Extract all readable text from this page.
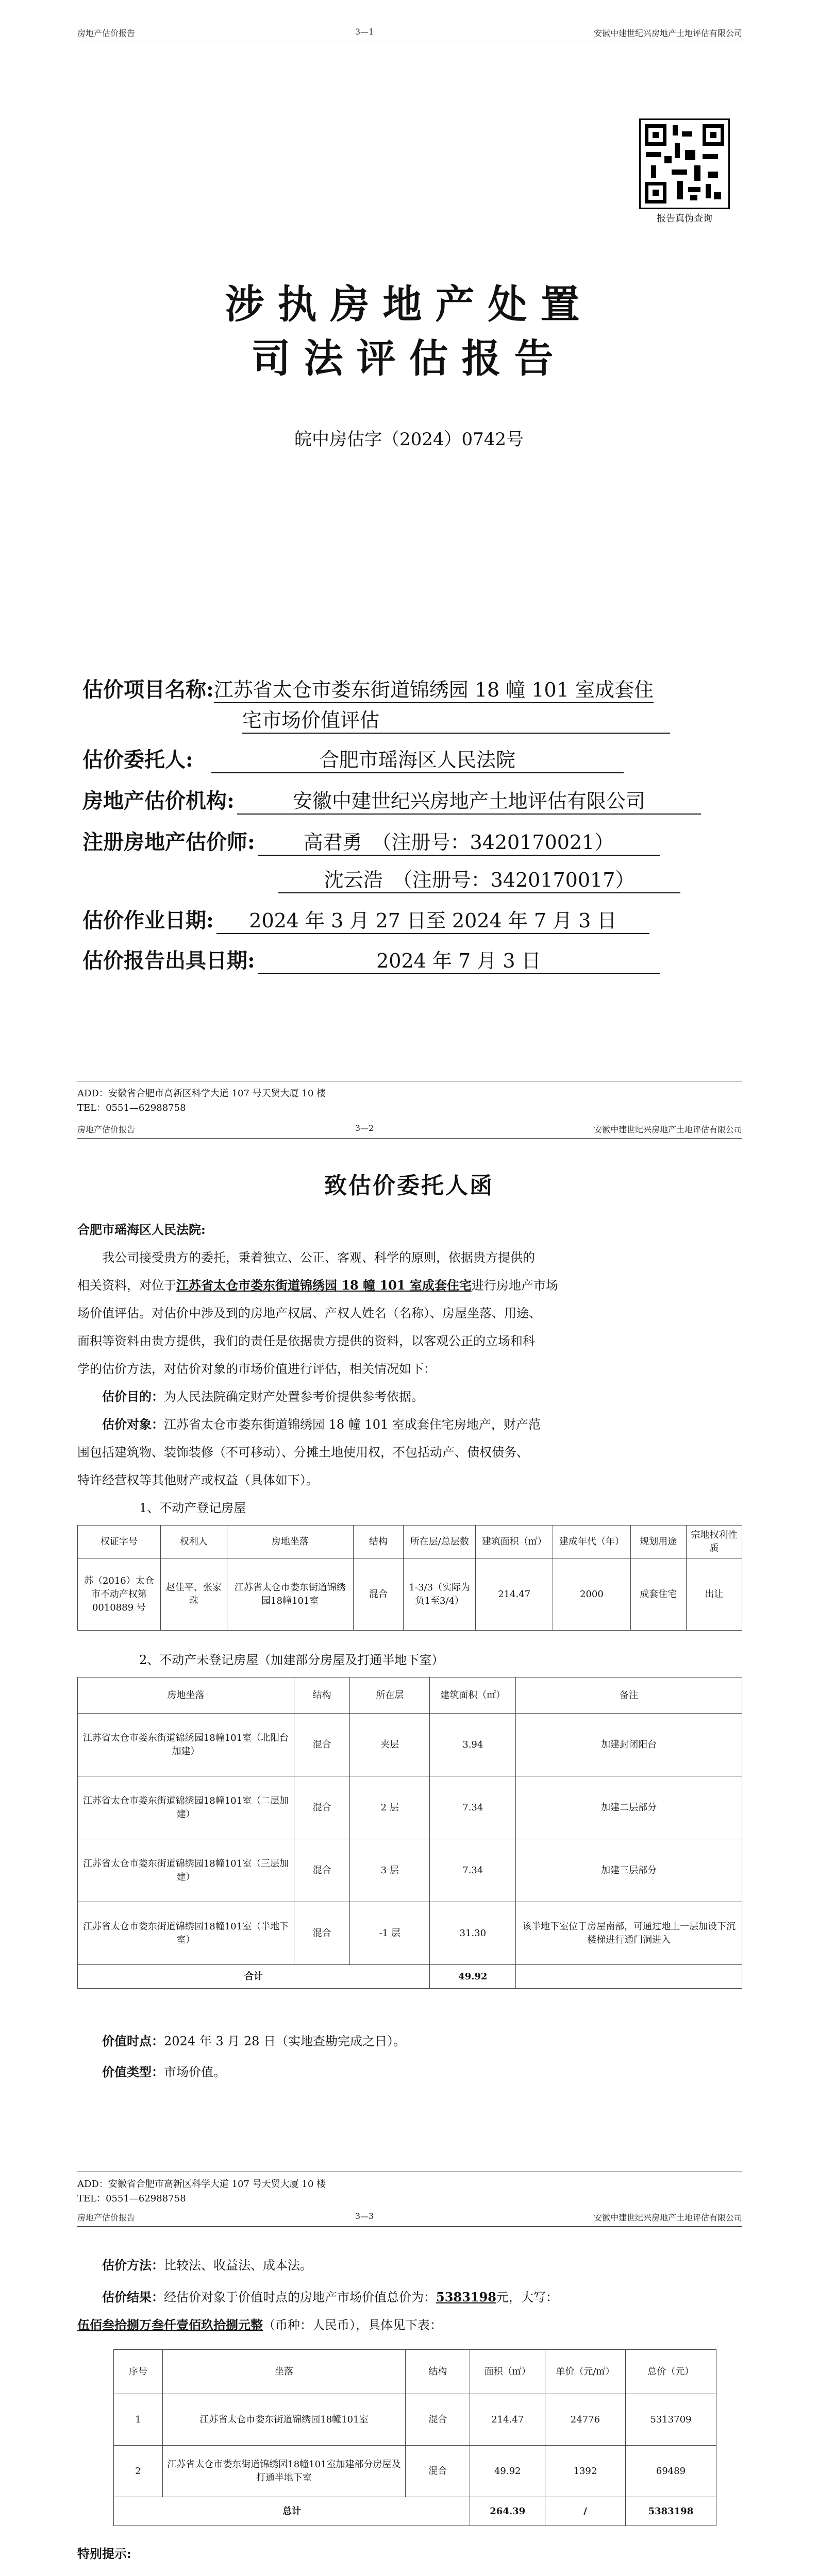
房地产估价报告	3—1	安徽中建世纪兴房地产土地评估有限公司
报告真伪查询
涉执房地产处置
司法评估报告
皖中房估字（2024）0742号
估价项目名称:江苏省太仓市娄东街道锦绣园 18 幢 101 室成套住
宅市场价值评估
估价委托人:	合肥市瑶海区人民法院
房地产估价机构:	安徽中建世纪兴房地产土地评估有限公司
注册房地产估价师: 高君勇　（注册号：3420170021）
沈云浩　（注册号：3420170017）
估价作业日期: 2024 年 3 月 27 日至 2024 年 7 月 3 日
估价报告出具日期:	2024 年 7 月 3 日
ADD：安徽省合肥市高新区科学大道 107 号天贸大厦 10 楼
TEL：0551—62988758
房地产估价报告	3—2	安徽中建世纪兴房地产土地评估有限公司
致估价委托人函
合肥市瑶海区人民法院:
我公司接受贵方的委托，秉着独立、公正、客观、科学的原则，依据贵方提供的
相关资料，对位于江苏省太仓市娄东街道锦绣园 18 幢 101 室成套住宅进行房地产市场
场价值评估。对估价中涉及到的房地产权属、产权人姓名（名称）、房屋坐落、用途、
面积等资料由贵方提供，我们的责任是依据贵方提供的资料，以客观公正的立场和科
学的估价方法，对估价对象的市场价值进行评估，相关情况如下：
估价目的：为人民法院确定财产处置参考价提供参考依据。
估价对象：江苏省太仓市娄东街道锦绣园 18 幢 101 室成套住宅房地产，财产范
围包括建筑物、装饰装修（不可移动）、分摊土地使用权，不包括动产、债权债务、
特许经营权等其他财产或权益（具体如下）。
1、不动产登记房屋
权证字号	权利人	房地坐落	结构	所在层/总层数	建筑面积（㎡）	建成年代（年）	规划用途	宗地权利性质
苏（2016）太仓市不动产权第 0010889 号	赵佳平、张家珠	江苏省太仓市娄东街道锦绣园18幢101室	混合	1-3/3（实际为负1至3/4）	214.47	2000	成套住宅	出让
2、不动产未登记房屋（加建部分房屋及打通半地下室）
房地坐落	结构	所在层	建筑面积（㎡）	备注
江苏省太仓市娄东街道锦绣园18幢101室（北阳台加建）	混合	夹层	3.94	加建封闭阳台
江苏省太仓市娄东街道锦绣园18幢101室（二层加建）	混合	2 层	7.34	加建二层部分
江苏省太仓市娄东街道锦绣园18幢101室（三层加建）	混合	3 层	7.34	加建三层部分
江苏省太仓市娄东街道锦绣园18幢101室（半地下室）	混合	-1 层	31.30	该半地下室位于房屋南部，可通过地上一层加设下沉楼梯进行通门洞进入
合计			49.92	
价值时点：2024 年 3 月 28 日（实地查勘完成之日）。
价值类型：市场价值。
ADD：安徽省合肥市高新区科学大道 107 号天贸大厦 10 楼
TEL：0551—62988758
房地产估价报告	3—3	安徽中建世纪兴房地产土地评估有限公司
估价方法：比较法、收益法、成本法。
估价结果：经估价对象于价值时点的房地产市场价值总价为：5383198元，大写：
伍佰叁拾捌万叁仟壹佰玖拾捌元整（币种：人民币），具体见下表：
序号	坐落	结构	面积（㎡）	单价（元/㎡）	总价（元）
1	江苏省太仓市娄东街道锦绣园18幢101室	混合	214.47	24776	5313709
2	江苏省太仓市娄东街道锦绣园18幢101室加建部分房屋及打通半地下室	混合	49.92	1392	69489
总计			264.39	/	5383198
特别提示:
